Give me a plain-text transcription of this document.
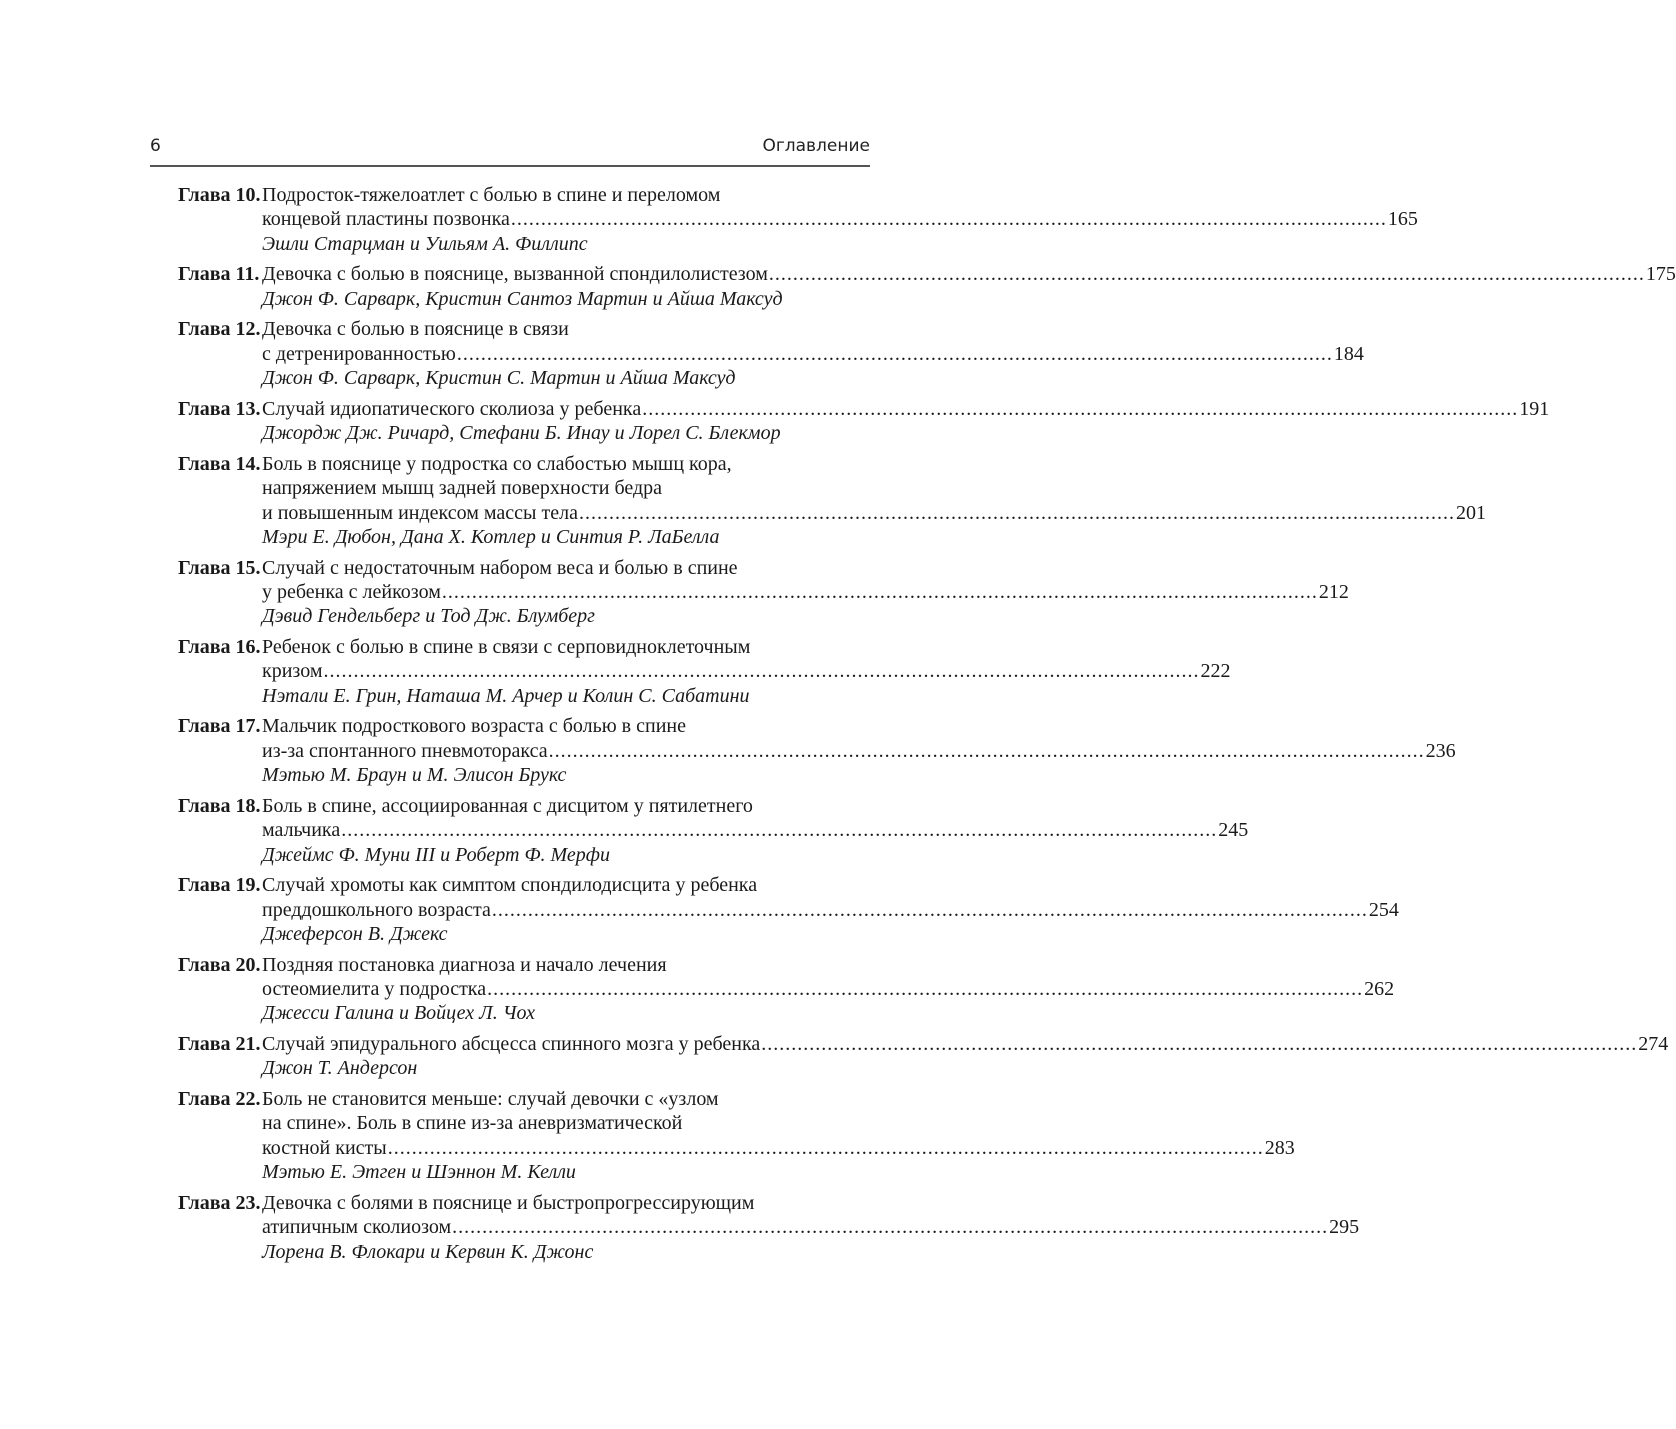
6	Оглавление
Глава 10. Подросток-тяжелоатлет с болью в спине и переломом
концевой пластины позвонка .................................................................................................................................................. 165
Эшли Старцман и Уильям А. Филлипс
Глава 11. Девочка с болью в пояснице, вызванной спондилолистезом .................................................................................................................................................. 175
Джон Ф. Сарварк, Кристин Сантоз Мартин и Айша Максуд
Глава 12. Девочка с болью в пояснице в связи
с детренированностью .................................................................................................................................................. 184
Джон Ф. Сарварк, Кристин С. Мартин и Айша Максуд
Глава 13. Случай идиопатического сколиоза у ребенка .................................................................................................................................................. 191
Джордж Дж. Ричард, Стефани Б. Инау и Лорел С. Блекмор
Глава 14. Боль в пояснице у подростка со слабостью мышц кора,
напряжением мышц задней поверхности бедра
и повышенным индексом массы тела .................................................................................................................................................. 201
Мэри Е. Дюбон, Дана Х. Котлер и Синтия Р. ЛаБелла
Глава 15. Случай с недостаточным набором веса и болью в спине
у ребенка с лейкозом .................................................................................................................................................. 212
Дэвид Гендельберг и Тод Дж. Блумберг
Глава 16. Ребенок с болью в спине в связи с серповидноклеточным
кризом .................................................................................................................................................. 222
Нэтали Е. Грин, Наташа М. Арчер и Колин С. Сабатини
Глава 17. Мальчик подросткового возраста с болью в спине
из-за спонтанного пневмоторакса .................................................................................................................................................. 236
Мэтью М. Браун и М. Элисон Брукс
Глава 18. Боль в спине, ассоциированная с дисцитом у пятилетнего
мальчика .................................................................................................................................................. 245
Джеймс Ф. Муни III и Роберт Ф. Мерфи
Глава 19. Случай хромоты как симптом спондилодисцита у ребенка
преддошкольного возраста .................................................................................................................................................. 254
Джеферсон В. Джекс
Глава 20. Поздняя постановка диагноза и начало лечения
остеомиелита у подростка .................................................................................................................................................. 262
Джесси Галина и Войцех Л. Чох
Глава 21. Случай эпидурального абсцесса спинного мозга у ребенка .................................................................................................................................................. 274
Джон Т. Андерсон
Глава 22. Боль не становится меньше: случай девочки с «узлом
на спине». Боль в спине из-за аневризматической
костной кисты .................................................................................................................................................. 283
Мэтью Е. Этген и Шэннон М. Келли
Глава 23. Девочка с болями в пояснице и быстропрогрессирующим
атипичным сколиозом .................................................................................................................................................. 295
Лорена В. Флокари и Кервин К. Джонс
